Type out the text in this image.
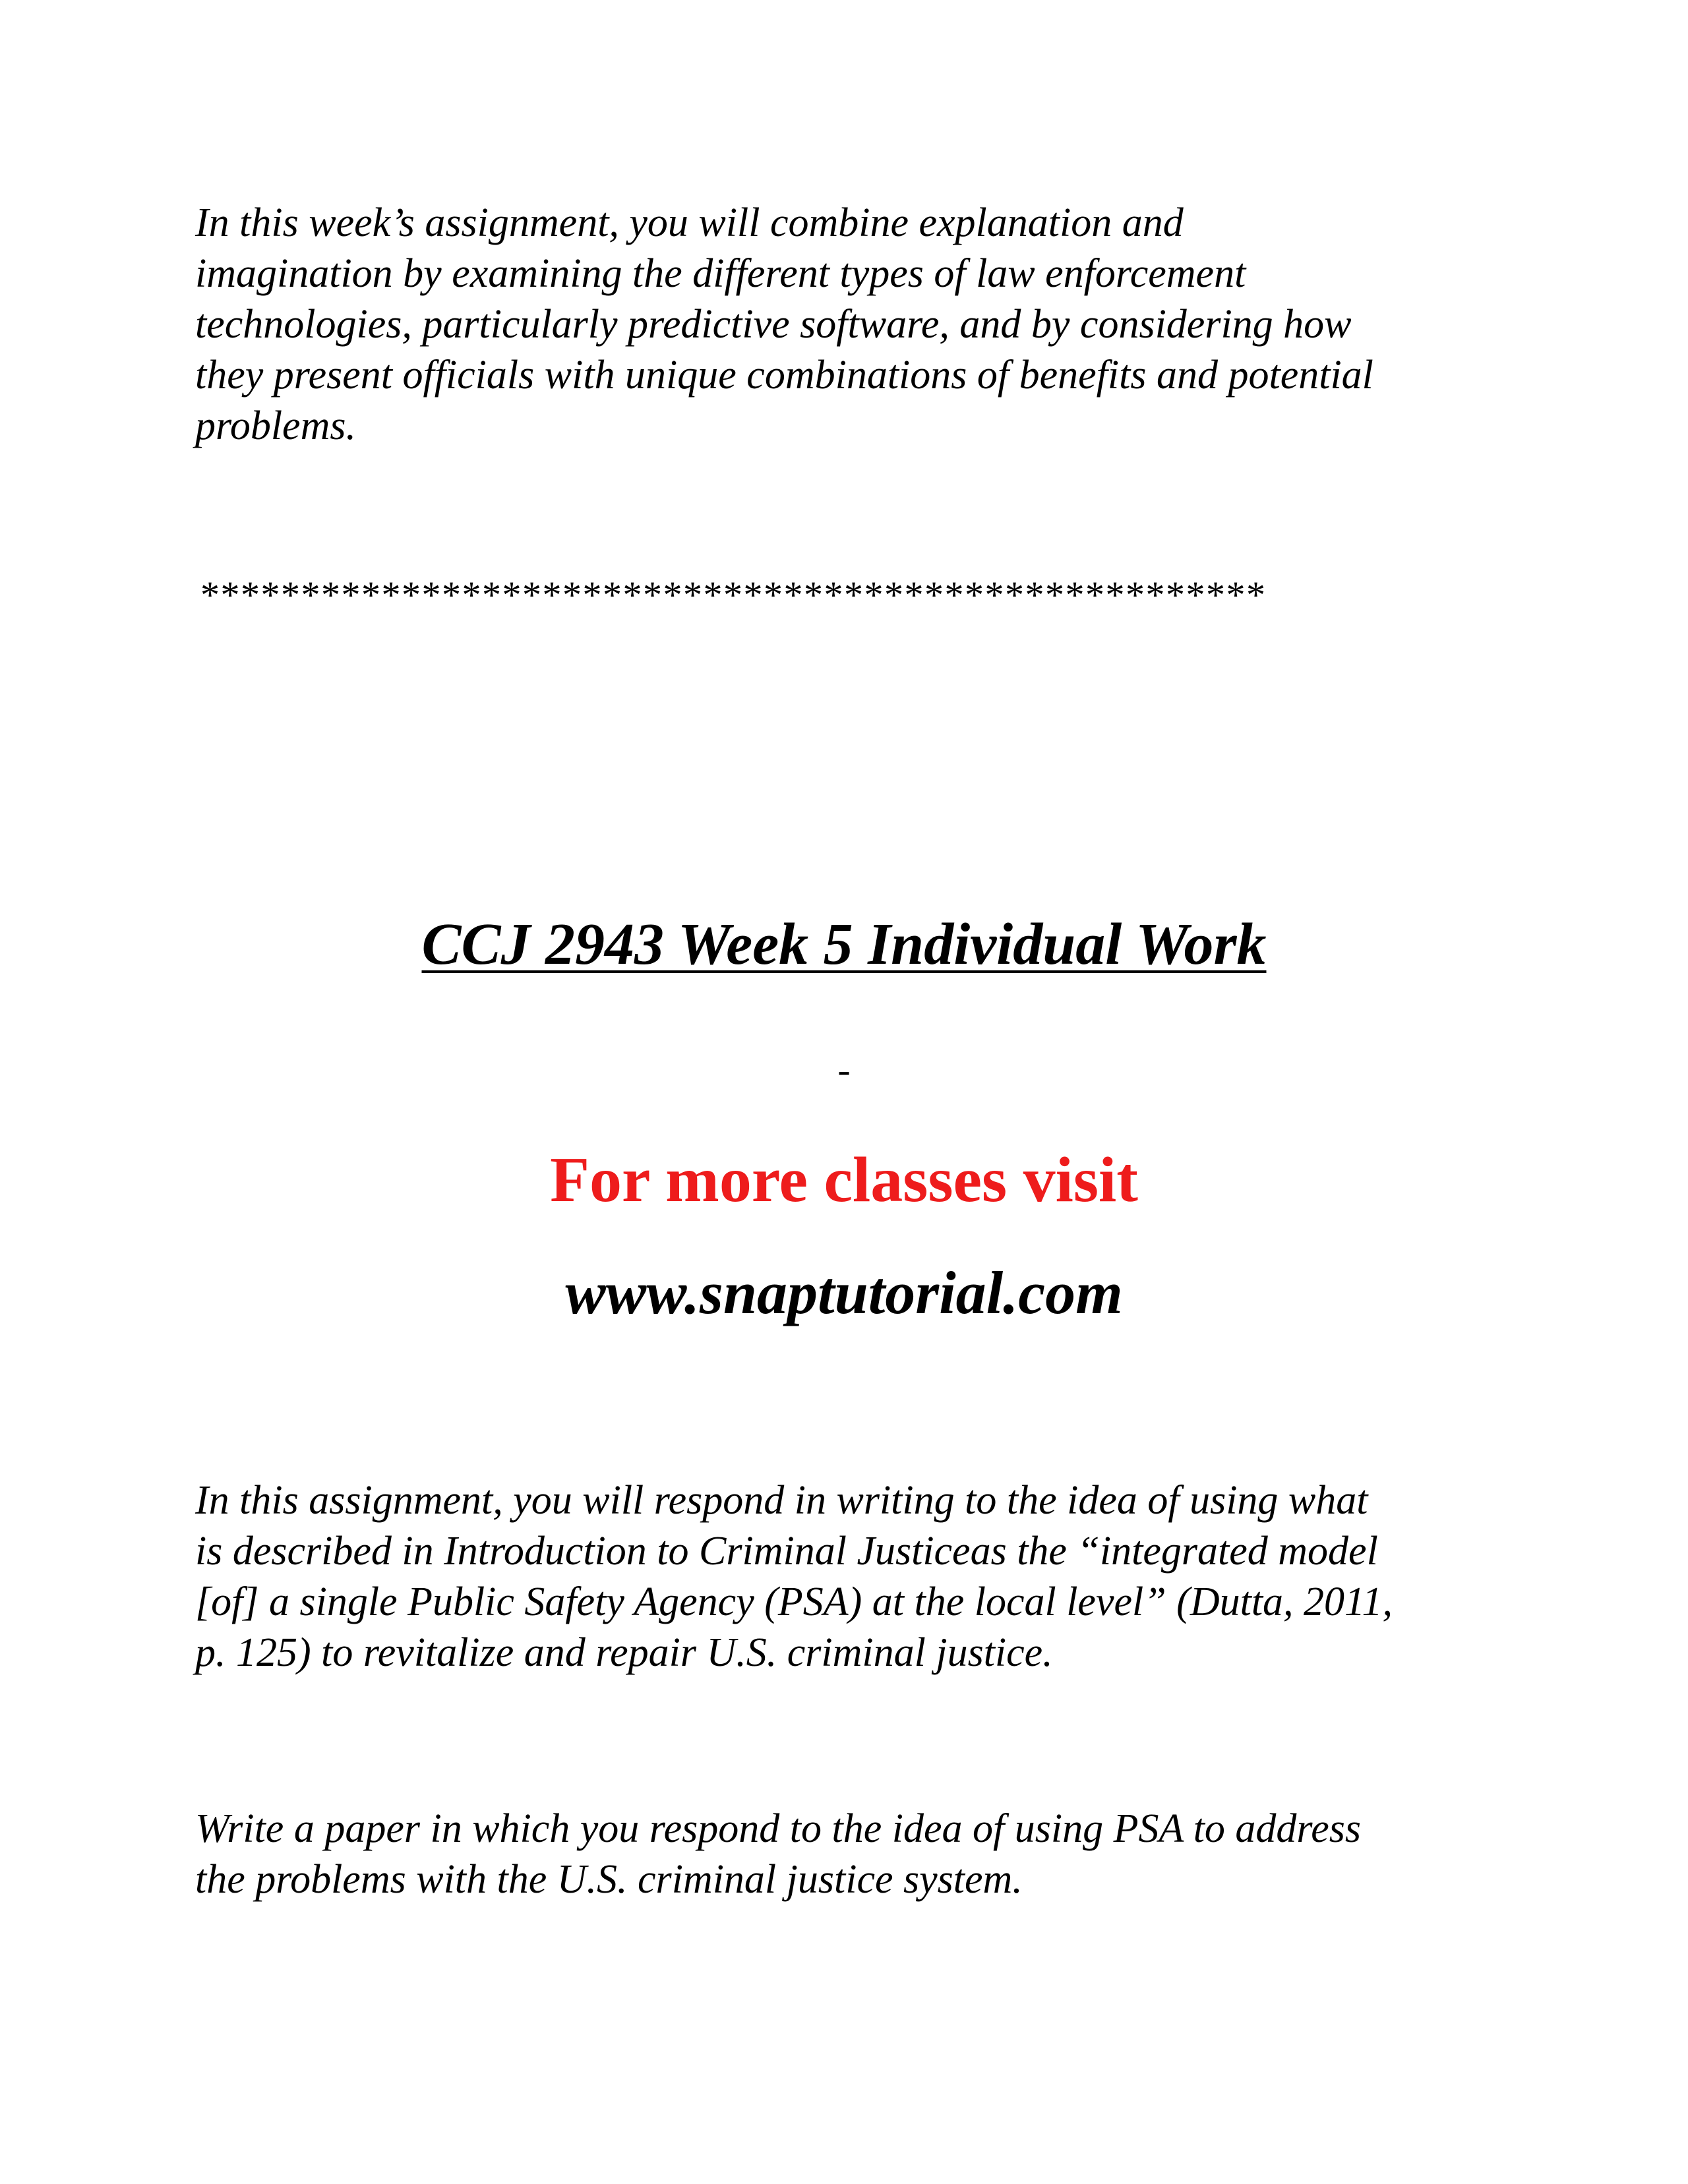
In this week’s assignment, you will combine explanation and
imagination by examining the different types of law enforcement
technologies, particularly predictive software, and by considering how
they present officials with unique combinations of benefits and potential
problems.

*****************************************************

CCJ 2943 Week 5 Individual Work

-

For more classes visit

www.snaptutorial.com

In this assignment, you will respond in writing to the idea of using what
is described in Introduction to Criminal Justiceas the “integrated model
[of] a single Public Safety Agency (PSA) at the local level” (Dutta, 2011,
p. 125) to revitalize and repair U.S. criminal justice.

Write a paper in which you respond to the idea of using PSA to address
the problems with the U.S. criminal justice system.
